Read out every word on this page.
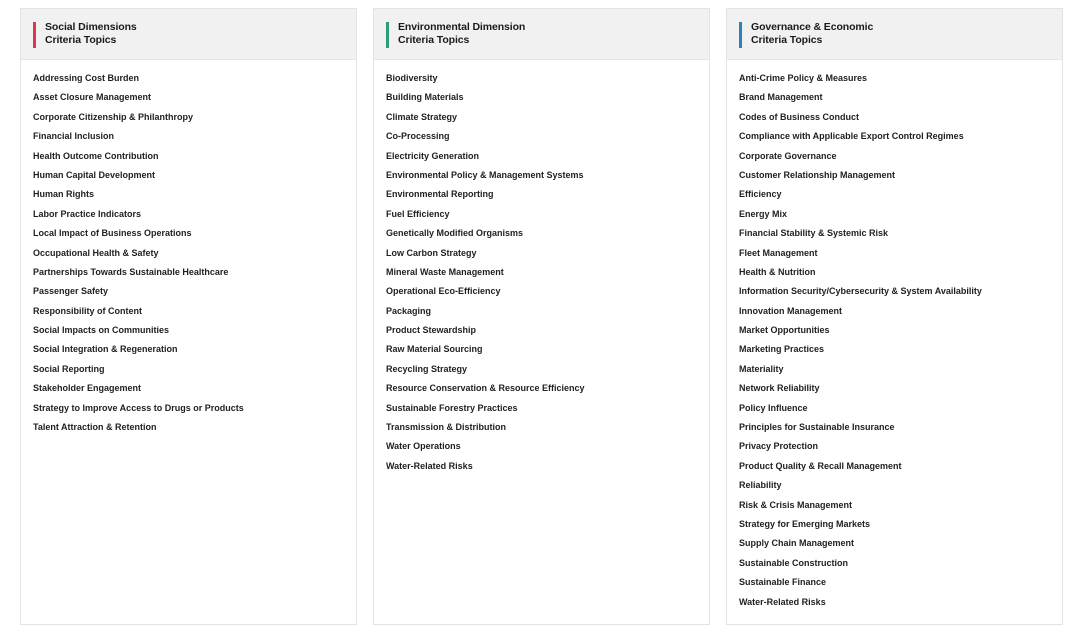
Social Dimensions
Criteria Topics
Addressing Cost Burden
Asset Closure Management
Corporate Citizenship & Philanthropy
Financial Inclusion
Health Outcome Contribution
Human Capital Development
Human Rights
Labor Practice Indicators
Local Impact of Business Operations
Occupational Health & Safety
Partnerships Towards Sustainable Healthcare
Passenger Safety
Responsibility of Content
Social Impacts on Communities
Social Integration & Regeneration
Social Reporting
Stakeholder Engagement
Strategy to Improve Access to Drugs or Products
Talent Attraction & Retention
Environmental Dimension
Criteria Topics
Biodiversity
Building Materials
Climate Strategy
Co-Processing
Electricity Generation
Environmental Policy & Management Systems
Environmental Reporting
Fuel Efficiency
Genetically Modified Organisms
Low Carbon Strategy
Mineral Waste Management
Operational Eco-Efficiency
Packaging
Product Stewardship
Raw Material Sourcing
Recycling Strategy
Resource Conservation & Resource Efficiency
Sustainable Forestry Practices
Transmission & Distribution
Water Operations
Water-Related Risks
Governance & Economic
Criteria Topics
Anti-Crime Policy & Measures
Brand Management
Codes of Business Conduct
Compliance with Applicable Export Control Regimes
Corporate Governance
Customer Relationship Management
Efficiency
Energy Mix
Financial Stability & Systemic Risk
Fleet Management
Health & Nutrition
Information Security/Cybersecurity & System Availability
Innovation Management
Market Opportunities
Marketing Practices
Materiality
Network Reliability
Policy Influence
Principles for Sustainable Insurance
Privacy Protection
Product Quality & Recall Management
Reliability
Risk & Crisis Management
Strategy for Emerging Markets
Supply Chain Management
Sustainable Construction
Sustainable Finance
Water-Related Risks
